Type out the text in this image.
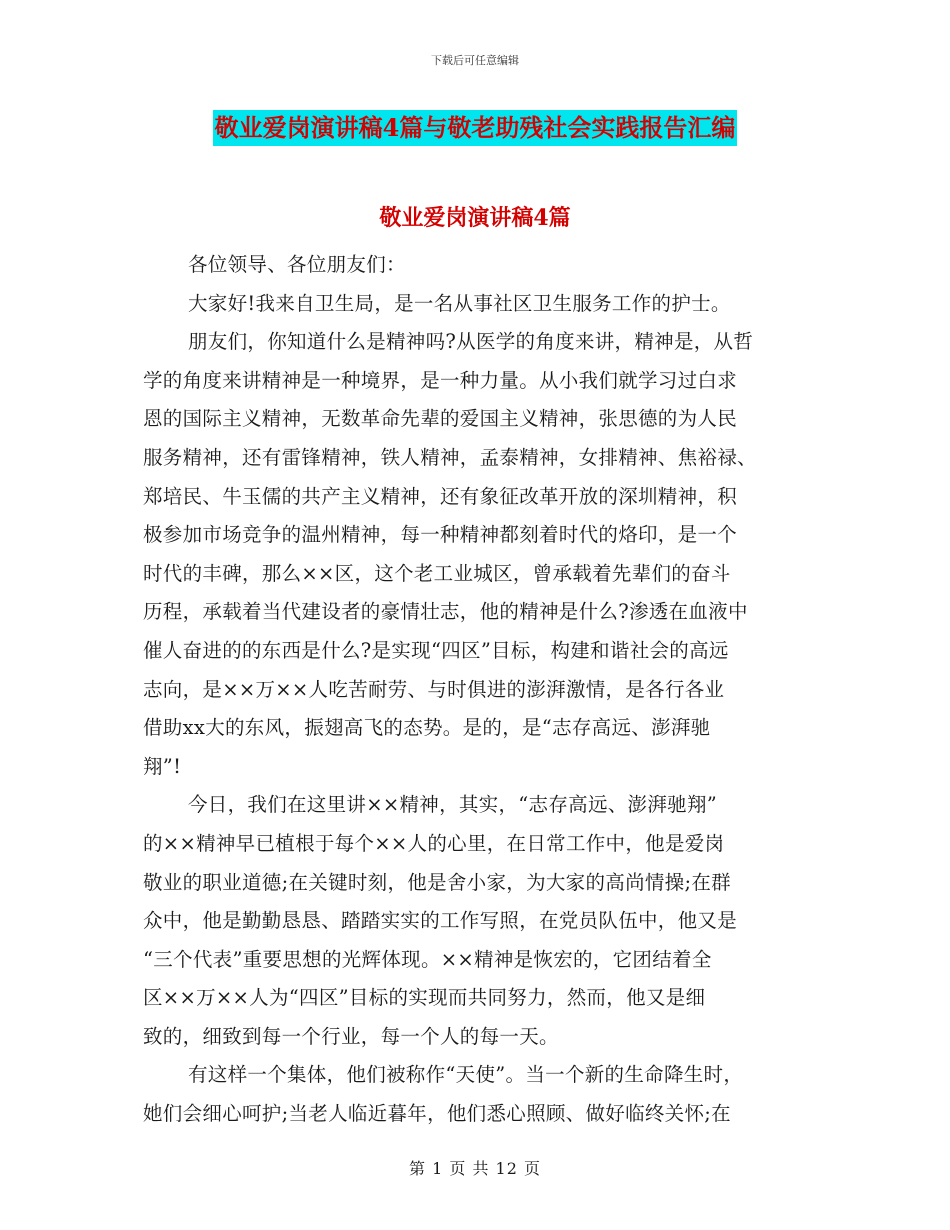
下载后可任意编辑
敬业爱岗演讲稿4篇与敬老助残社会实践报告汇编
敬业爱岗演讲稿4篇
各位领导、各位朋友们：
大家好!我来自卫生局，是一名从事社区卫生服务工作的护士。
朋友们，你知道什么是精神吗?从医学的角度来讲，精神是，从哲
学的角度来讲精神是一种境界，是一种力量。从小我们就学习过白求
恩的国际主义精神，无数革命先辈的爱国主义精神，张思德的为人民
服务精神，还有雷锋精神，铁人精神，孟泰精神，女排精神、焦裕禄、
郑培民、牛玉儒的共产主义精神，还有象征改革开放的深圳精神，积
极参加市场竞争的温州精神，每一种精神都刻着时代的烙印，是一个
时代的丰碑，那么××区，这个老工业城区，曾承载着先辈们的奋斗
历程，承载着当代建设者的豪情壮志，他的精神是什么?渗透在血液中
催人奋进的的东西是什么?是实现“四区”目标，构建和谐社会的高远
志向，是××万××人吃苦耐劳、与时俱进的澎湃激情，是各行各业
借助xx大的东风，振翅高飞的态势。是的，是“志存高远、澎湃驰
翔”!
今日，我们在这里讲××精神，其实，“志存高远、澎湃驰翔”
的××精神早已植根于每个××人的心里，在日常工作中，他是爱岗
敬业的职业道德;在关键时刻，他是舍小家，为大家的高尚情操;在群
众中，他是勤勤恳恳、踏踏实实的工作写照，在党员队伍中，他又是
“三个代表”重要思想的光辉体现。××精神是恢宏的，它团结着全
区××万××人为“四区”目标的实现而共同努力，然而，他又是细
致的，细致到每一个行业，每一个人的每一天。
有这样一个集体，他们被称作“天使”。当一个新的生命降生时，
她们会细心呵护;当老人临近暮年，他们悉心照顾、做好临终关怀;在
第 1 页 共 12 页
